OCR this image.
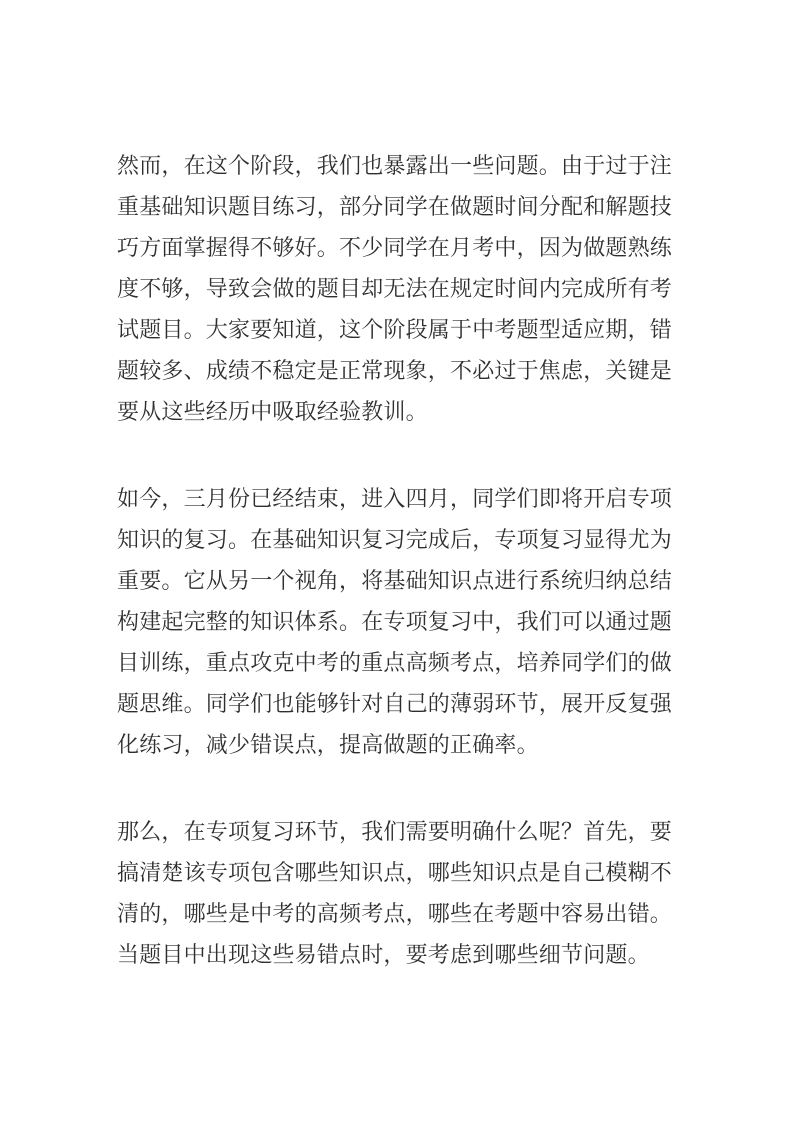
然而，在这个阶段，我们也暴露出一些问题。由于过于注
重基础知识题目练习，部分同学在做题时间分配和解题技
巧方面掌握得不够好。不少同学在月考中，因为做题熟练
度不够，导致会做的题目却无法在规定时间内完成所有考
试题目。大家要知道，这个阶段属于中考题型适应期，错
题较多、成绩不稳定是正常现象，不必过于焦虑，关键是
要从这些经历中吸取经验教训。
如今，三月份已经结束，进入四月，同学们即将开启专项
知识的复习。在基础知识复习完成后，专项复习显得尤为
重要。它从另一个视角，将基础知识点进行系统归纳总结
构建起完整的知识体系。在专项复习中，我们可以通过题
目训练，重点攻克中考的重点高频考点，培养同学们的做
题思维。同学们也能够针对自己的薄弱环节，展开反复强
化练习，减少错误点，提高做题的正确率。
那么，在专项复习环节，我们需要明确什么呢？首先，要
搞清楚该专项包含哪些知识点，哪些知识点是自己模糊不
清的，哪些是中考的高频考点，哪些在考题中容易出错。
当题目中出现这些易错点时，要考虑到哪些细节问题。
